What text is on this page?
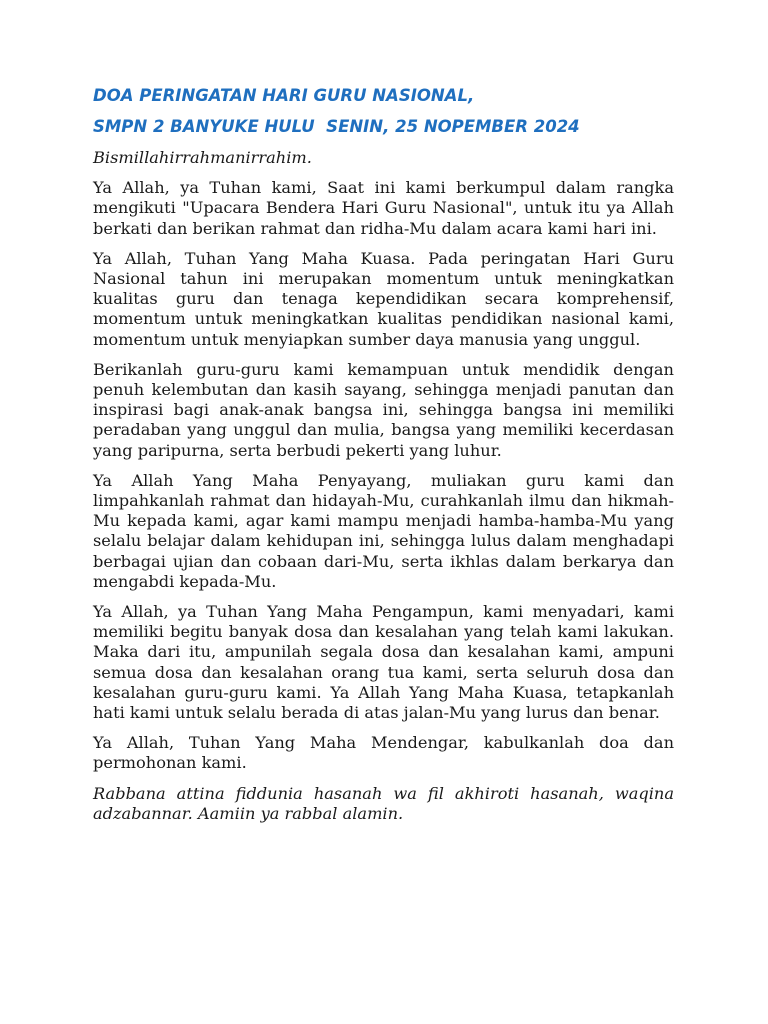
DOA PERINGATAN HARI GURU NASIONAL,
SMPN 2 BANYUKE HULU  SENIN, 25 NOPEMBER 2024

Bismillahirrahmanirrahim.

Ya Allah, ya Tuhan kami, Saat ini kami berkumpul dalam rangka mengikuti "Upacara Bendera Hari Guru Nasional", untuk itu ya Allah berkati dan berikan rahmat dan ridha-Mu dalam acara kami hari ini.

Ya Allah, Tuhan Yang Maha Kuasa. Pada peringatan Hari Guru Nasional tahun ini merupakan momentum untuk meningkatkan kualitas guru dan tenaga kependidikan secara komprehensif, momentum untuk meningkatkan kualitas pendidikan nasional kami, momentum untuk menyiapkan sumber daya manusia yang unggul.

Berikanlah guru-guru kami kemampuan untuk mendidik dengan penuh kelembutan dan kasih sayang, sehingga menjadi panutan dan inspirasi bagi anak-anak bangsa ini, sehingga bangsa ini memiliki peradaban yang unggul dan mulia, bangsa yang memiliki kecerdasan yang paripurna, serta berbudi pekerti yang luhur.

Ya Allah Yang Maha Penyayang, muliakan guru kami dan limpahkanlah rahmat dan hidayah-Mu, curahkanlah ilmu dan hikmah-Mu kepada kami, agar kami mampu menjadi hamba-hamba-Mu yang selalu belajar dalam kehidupan ini, sehingga lulus dalam menghadapi berbagai ujian dan cobaan dari-Mu, serta ikhlas dalam berkarya dan mengabdi kepada-Mu.

Ya Allah, ya Tuhan Yang Maha Pengampun, kami menyadari, kami memiliki begitu banyak dosa dan kesalahan yang telah kami lakukan. Maka dari itu, ampunilah segala dosa dan kesalahan kami, ampuni semua dosa dan kesalahan orang tua kami, serta seluruh dosa dan kesalahan guru-guru kami. Ya Allah Yang Maha Kuasa, tetapkanlah hati kami untuk selalu berada di atas jalan-Mu yang lurus dan benar.

Ya Allah, Tuhan Yang Maha Mendengar, kabulkanlah doa dan permohonan kami.

Rabbana attina fiddunia hasanah wa fil akhiroti hasanah, waqina adzabannar. Aamiin ya rabbal alamin.
